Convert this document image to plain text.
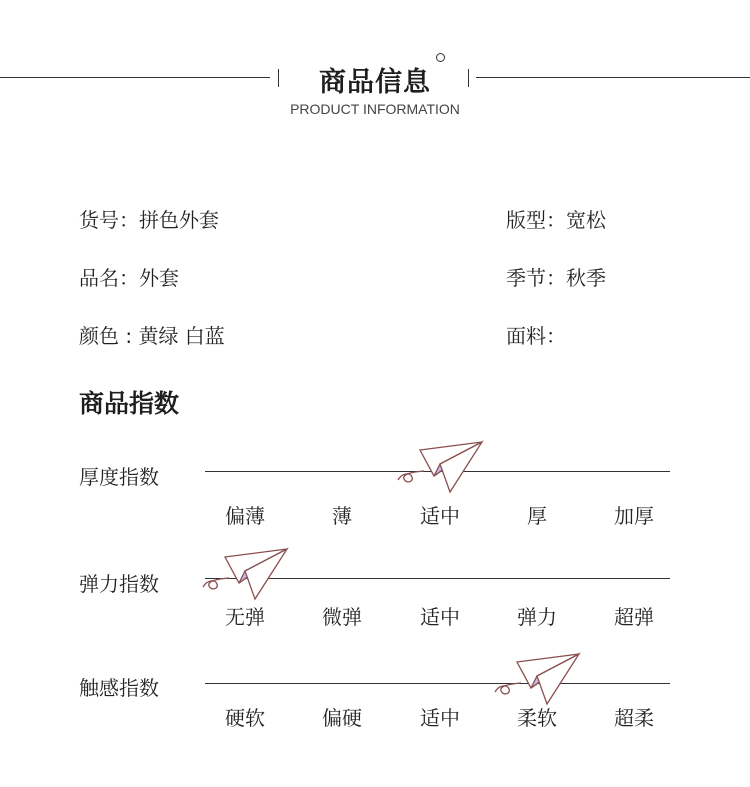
商品信息
PRODUCT INFORMATION
货号：拼色外套
品名：外套
颜色 : 黄绿 白蓝
版型：宽松
季节：秋季
面料：
商品指数
厚度指数
偏薄	薄	适中	厚	加厚
弹力指数
无弹	微弹	适中	弹力	超弹
触感指数
硬软	偏硬	适中	柔软	超柔
